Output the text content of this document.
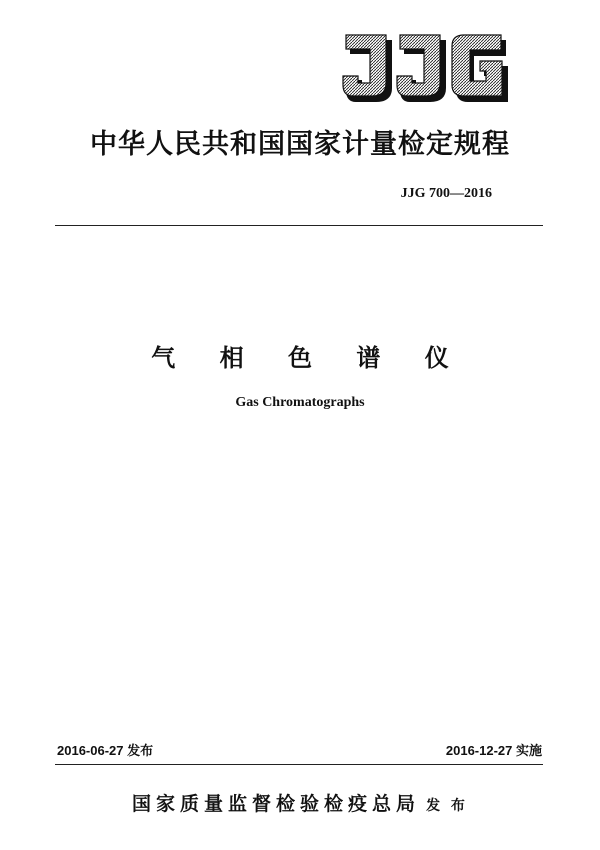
中华人民共和国国家计量检定规程
JJG 700—2016
气 相 色 谱 仪
Gas Chromatographs
2016-06-27 发布	2016-12-27 实施
国家质量监督检验检疫总局 发 布
